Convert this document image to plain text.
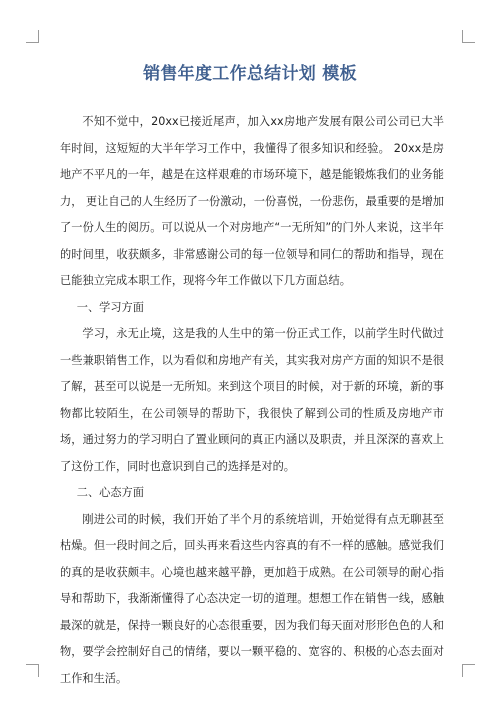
销售年度工作总结计划 模板

不知不觉中，20xx已接近尾声，加入xx房地产发展有限公司公司已大半年时间，这短短的大半年学习工作中，我懂得了很多知识和经验。 20xx是房地产不平凡的一年，越是在这样艰难的市场环境下，越是能锻炼我们的业务能力， 更让自己的人生经历了一份激动，一份喜悦，一份悲伤，最重要的是增加了一份人生的阅历。可以说从一个对房地产“一无所知”的门外人来说，这半年的时间里，收获颇多，非常感谢公司的每一位领导和同仁的帮助和指导，现在已能独立完成本职工作，现将今年工作做以下几方面总结。

一、学习方面

学习，永无止境，这是我的人生中的第一份正式工作，以前学生时代做过一些兼职销售工作，以为看似和房地产有关，其实我对房产方面的知识不是很了解，甚至可以说是一无所知。来到这个项目的时候，对于新的环境，新的事物都比较陌生，在公司领导的帮助下，我很快了解到公司的性质及房地产市场，通过努力的学习明白了置业顾问的真正内涵以及职责，并且深深的喜欢上了这份工作，同时也意识到自己的选择是对的。

二、心态方面

刚进公司的时候，我们开始了半个月的系统培训，开始觉得有点无聊甚至枯燥。但一段时间之后，回头再来看这些内容真的有不一样的感触。感觉我们的真的是收获颇丰。心境也越来越平静，更加趋于成熟。在公司领导的耐心指导和帮助下，我渐渐懂得了心态决定一切的道理。想想工作在销售一线，感触最深的就是，保持一颗良好的心态很重要，因为我们每天面对形形色色的人和物，要学会控制好自己的情绪，要以一颗平稳的、宽容的、积极的心态去面对工作和生活。
